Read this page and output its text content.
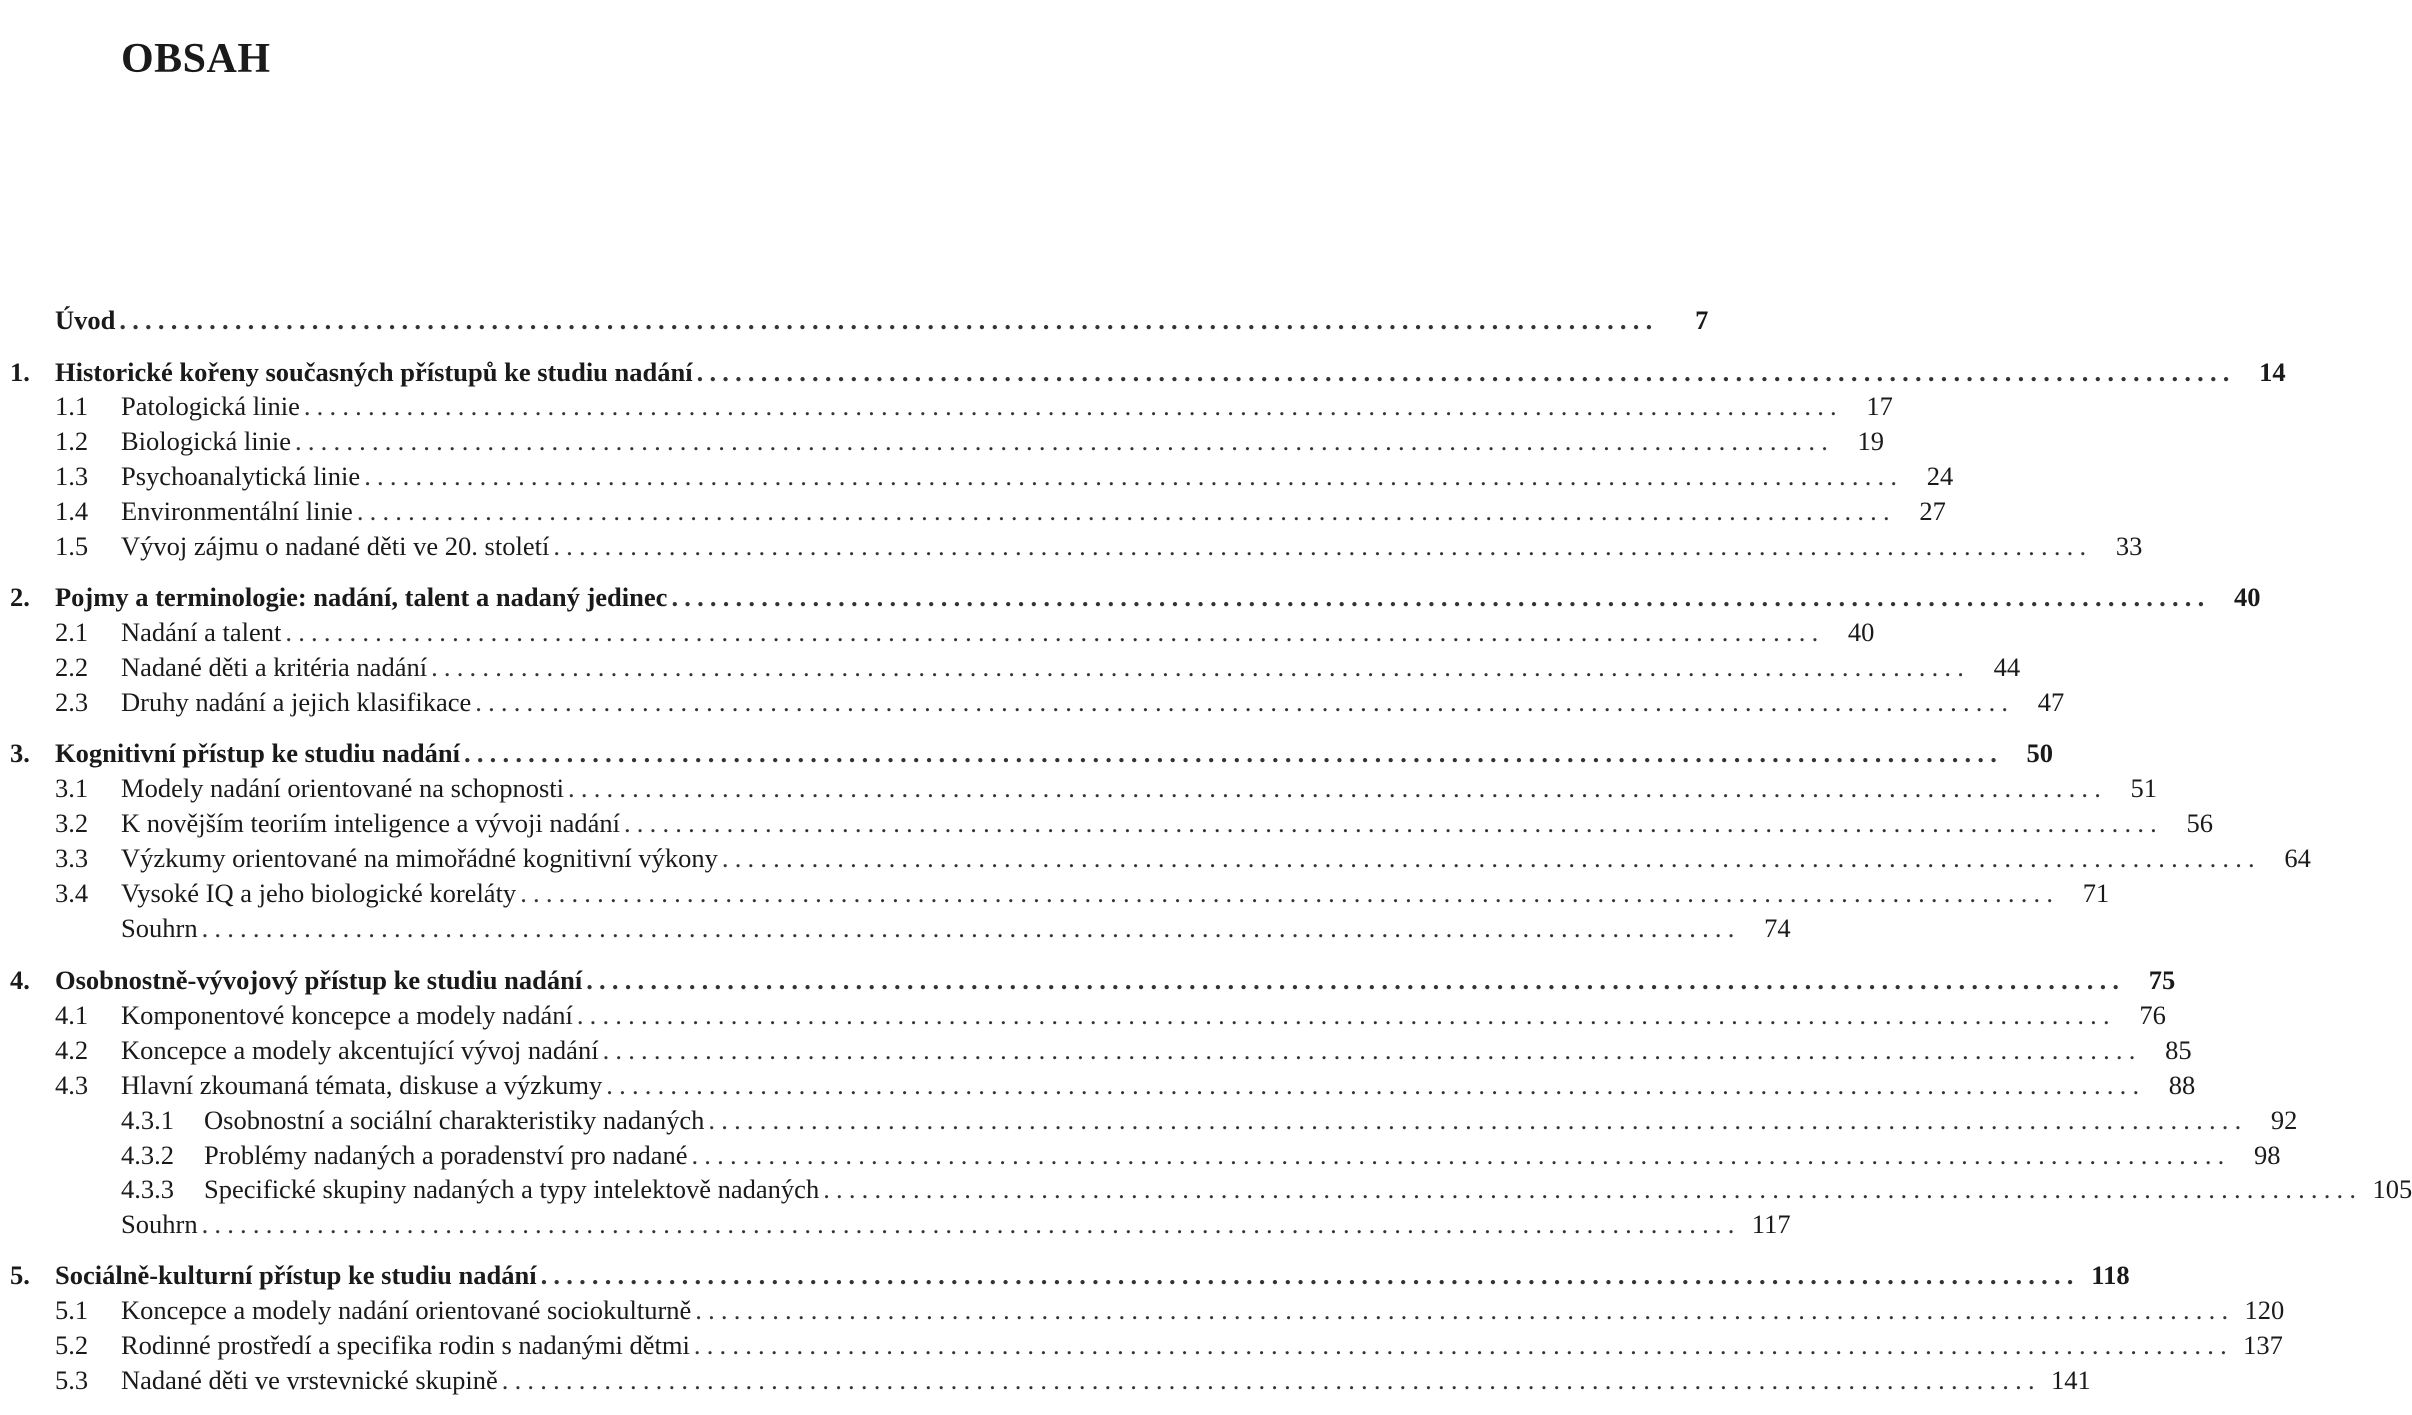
OBSAH
Úvod ........................................................................................................................	7
1. Historické kořeny současných přístupů ke studiu nadání ........................................................................................................................ 14
1.1 Patologická linie ........................................................................................................................ 17
1.2 Biologická linie ........................................................................................................................ 19
1.3 Psychoanalytická linie ........................................................................................................................ 24
1.4 Environmentální linie ........................................................................................................................ 27
1.5 Vývoj zájmu o nadané děti ve 20. století ........................................................................................................................ 33
2. Pojmy a terminologie: nadání, talent a nadaný jedinec ........................................................................................................................ 40
2.1 Nadání a talent ........................................................................................................................ 40
2.2 Nadané děti a kritéria nadání ........................................................................................................................ 44
2.3 Druhy nadání a jejich klasifikace ........................................................................................................................ 47
3. Kognitivní přístup ke studiu nadání ........................................................................................................................ 50
3.1 Modely nadání orientované na schopnosti ........................................................................................................................ 51
3.2 K novějším teoriím inteligence a vývoji nadání ........................................................................................................................ 56
3.3 Výzkumy orientované na mimořádné kognitivní výkony ........................................................................................................................ 64
3.4 Vysoké IQ a jeho biologické koreláty ........................................................................................................................ 71
Souhrn ........................................................................................................................ 74
4. Osobnostně-vývojový přístup ke studiu nadání ........................................................................................................................ 75
4.1 Komponentové koncepce a modely nadání ........................................................................................................................ 76
4.2 Koncepce a modely akcentující vývoj nadání ........................................................................................................................ 85
4.3 Hlavní zkoumaná témata, diskuse a výzkumy ........................................................................................................................ 88
4.3.1 Osobnostní a sociální charakteristiky nadaných ........................................................................................................................ 92
4.3.2 Problémy nadaných a poradenství pro nadané ........................................................................................................................ 98
4.3.3 Specifické skupiny nadaných a typy intelektově nadaných ........................................................................................................................ 105
Souhrn ........................................................................................................................ 117
5. Sociálně-kulturní přístup ke studiu nadání ........................................................................................................................ 118
5.1 Koncepce a modely nadání orientované sociokulturně ........................................................................................................................ 120
5.2 Rodinné prostředí a specifika rodin s nadanými dětmi ........................................................................................................................ 137
5.3 Nadané děti ve vrstevnické skupině ........................................................................................................................ 141
